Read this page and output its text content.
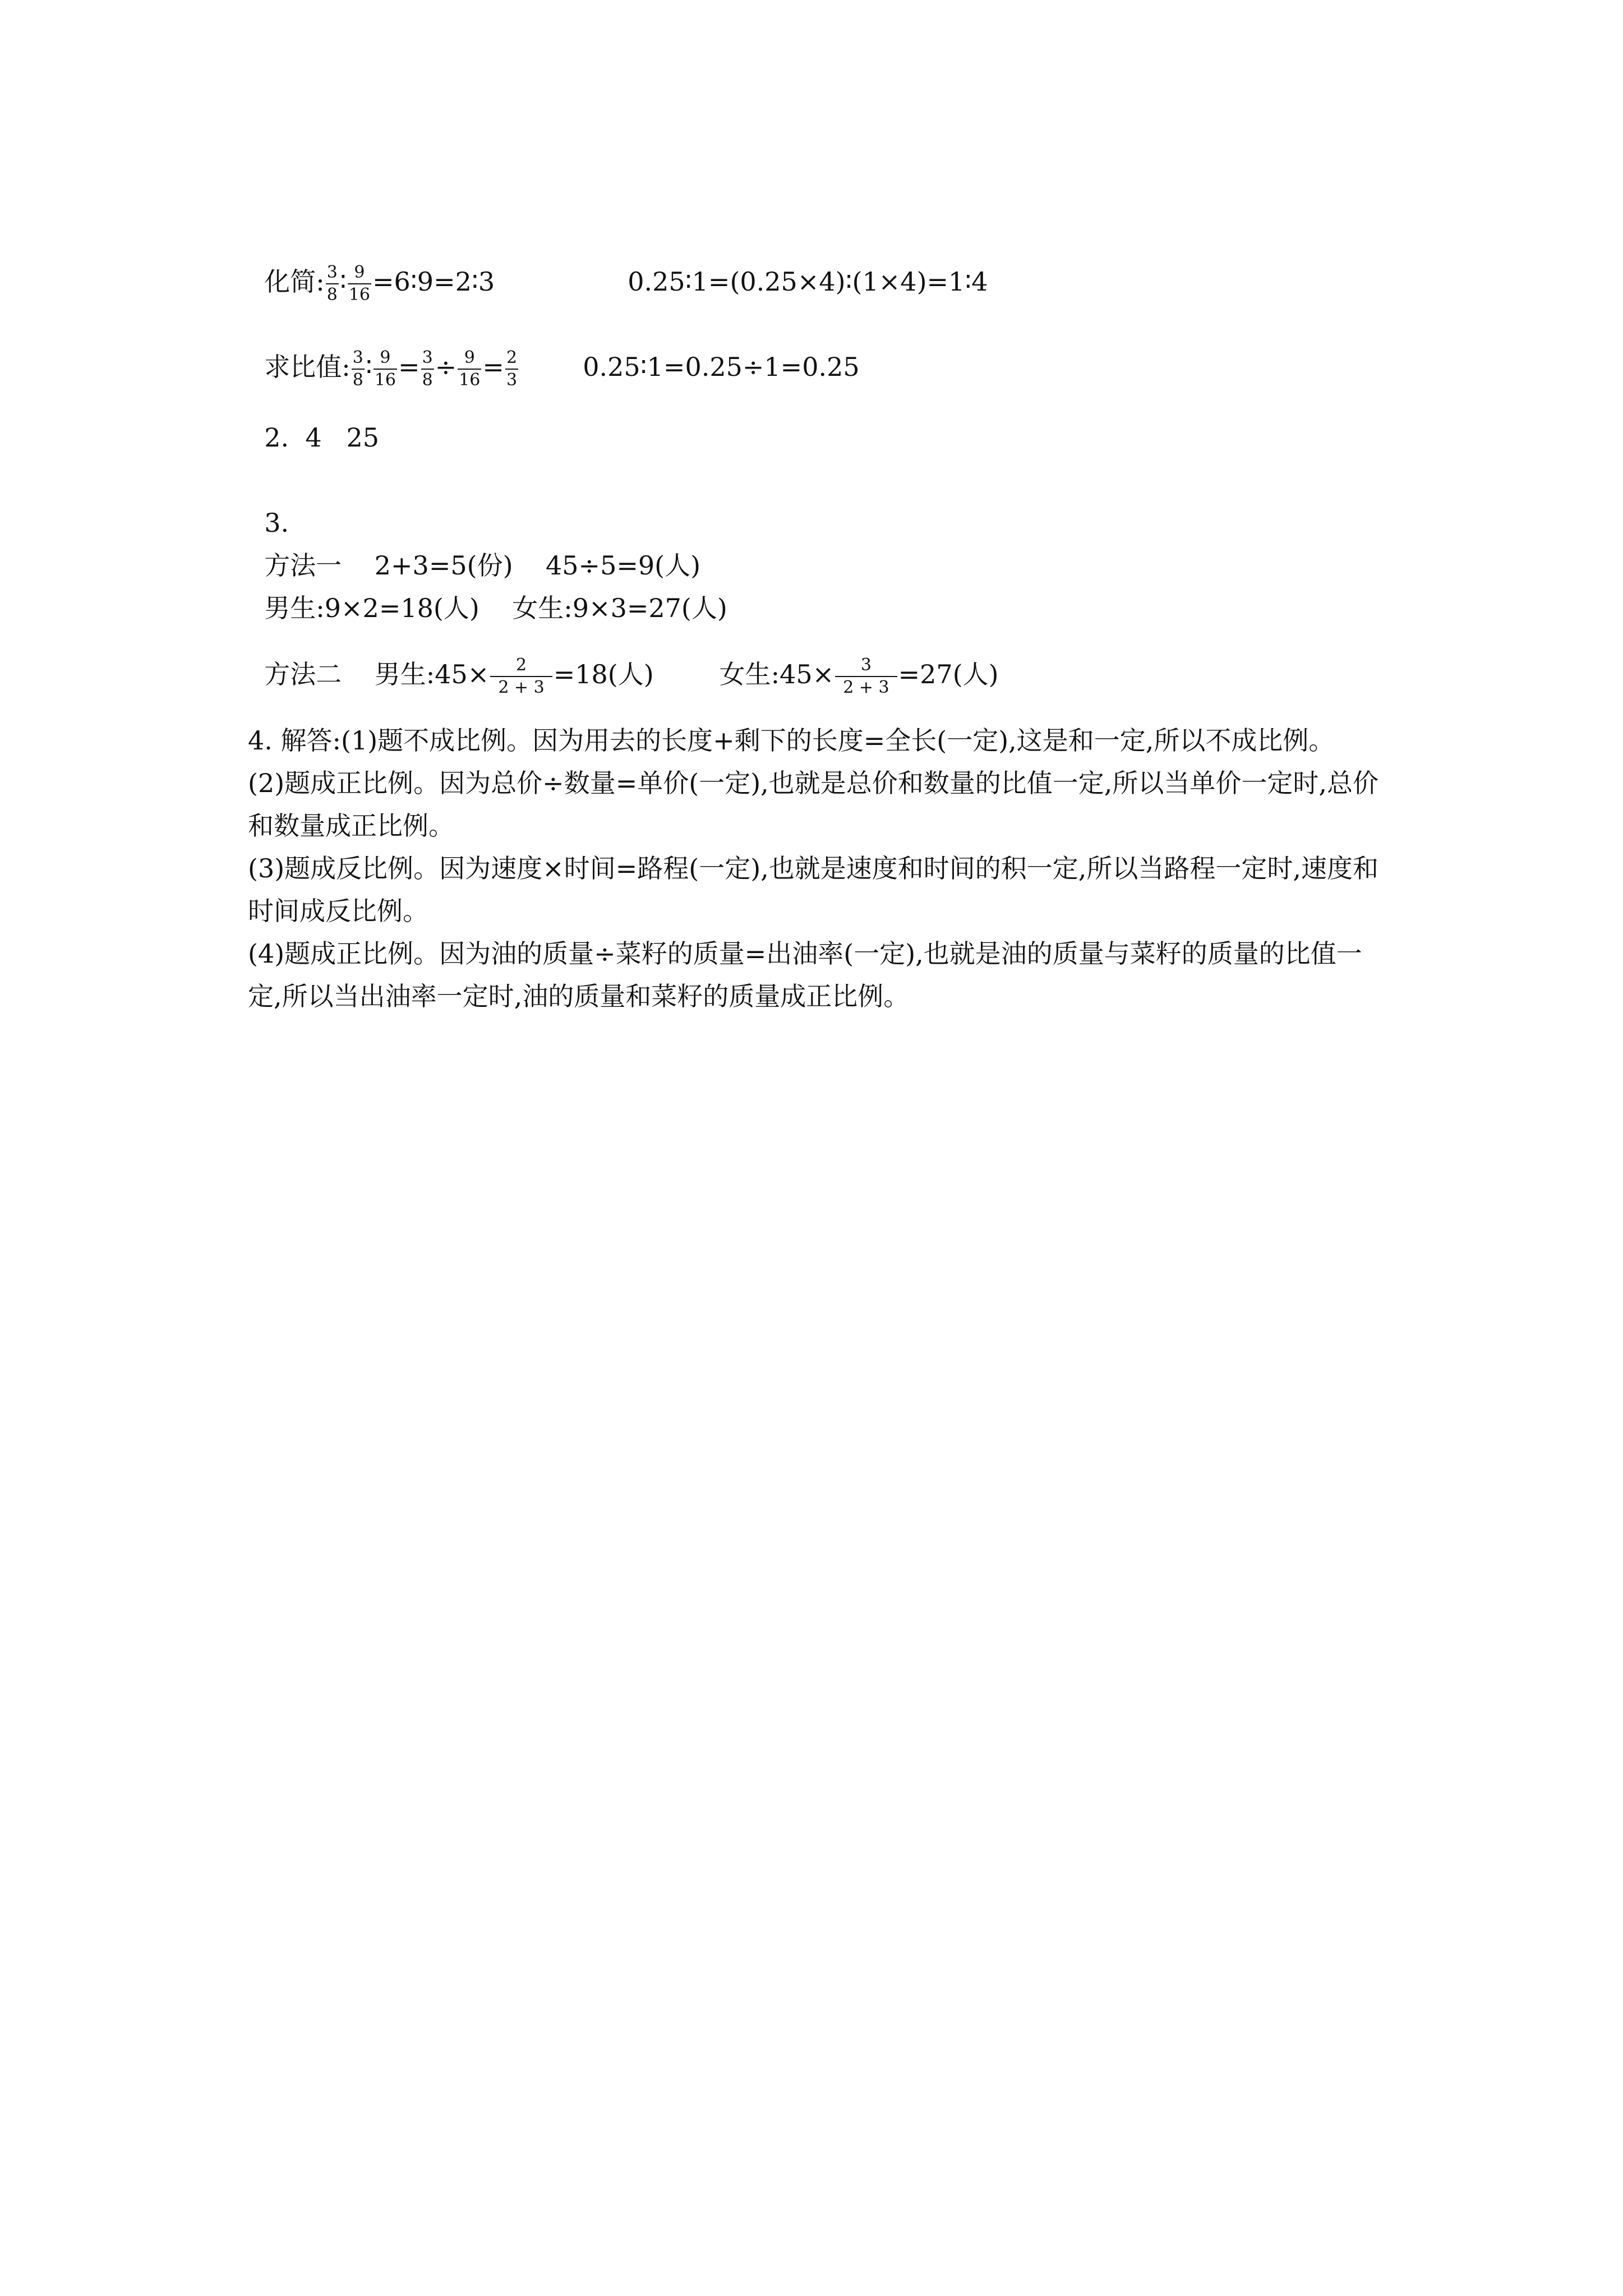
化简: $\frac{3}{8}$ ∶ $\frac{9}{16}$ =6∶9=2∶3	0.25∶1=(0.25×4)∶(1×4)=1∶4

求比值: $\frac{3}{8}$ ∶ $\frac{9}{16} = \frac{3}{8} \div \frac{9}{16} = \frac{2}{3}$	0.25∶1=0.25÷1=0.25

2.  4   25

3.

方法一    2+3=5(份)    45÷5=9(人)

男生:9×2=18(人)    女生:9×3=27(人)

方法二    男生:45× $\frac{2}{2 + 3} =18$(人)        女生:45× $\frac{3}{2 + 3} =27$(人)

4. 解答:(1)题不成比例。因为用去的长度+剩下的长度=全长(一定),这是和一定,所以不成比例。

(2)题成正比例。因为总价÷数量=单价(一定),也就是总价和数量的比值一定,所以当单价一定时,总价和数量成正比例。

(3)题成反比例。因为速度×时间=路程(一定),也就是速度和时间的积一定,所以当路程一定时,速度和时间成反比例。

(4)题成正比例。因为油的质量÷菜籽的质量=出油率(一定),也就是油的质量与菜籽的质量的比值一定,所以当出油率一定时,油的质量和菜籽的质量成正比例。
